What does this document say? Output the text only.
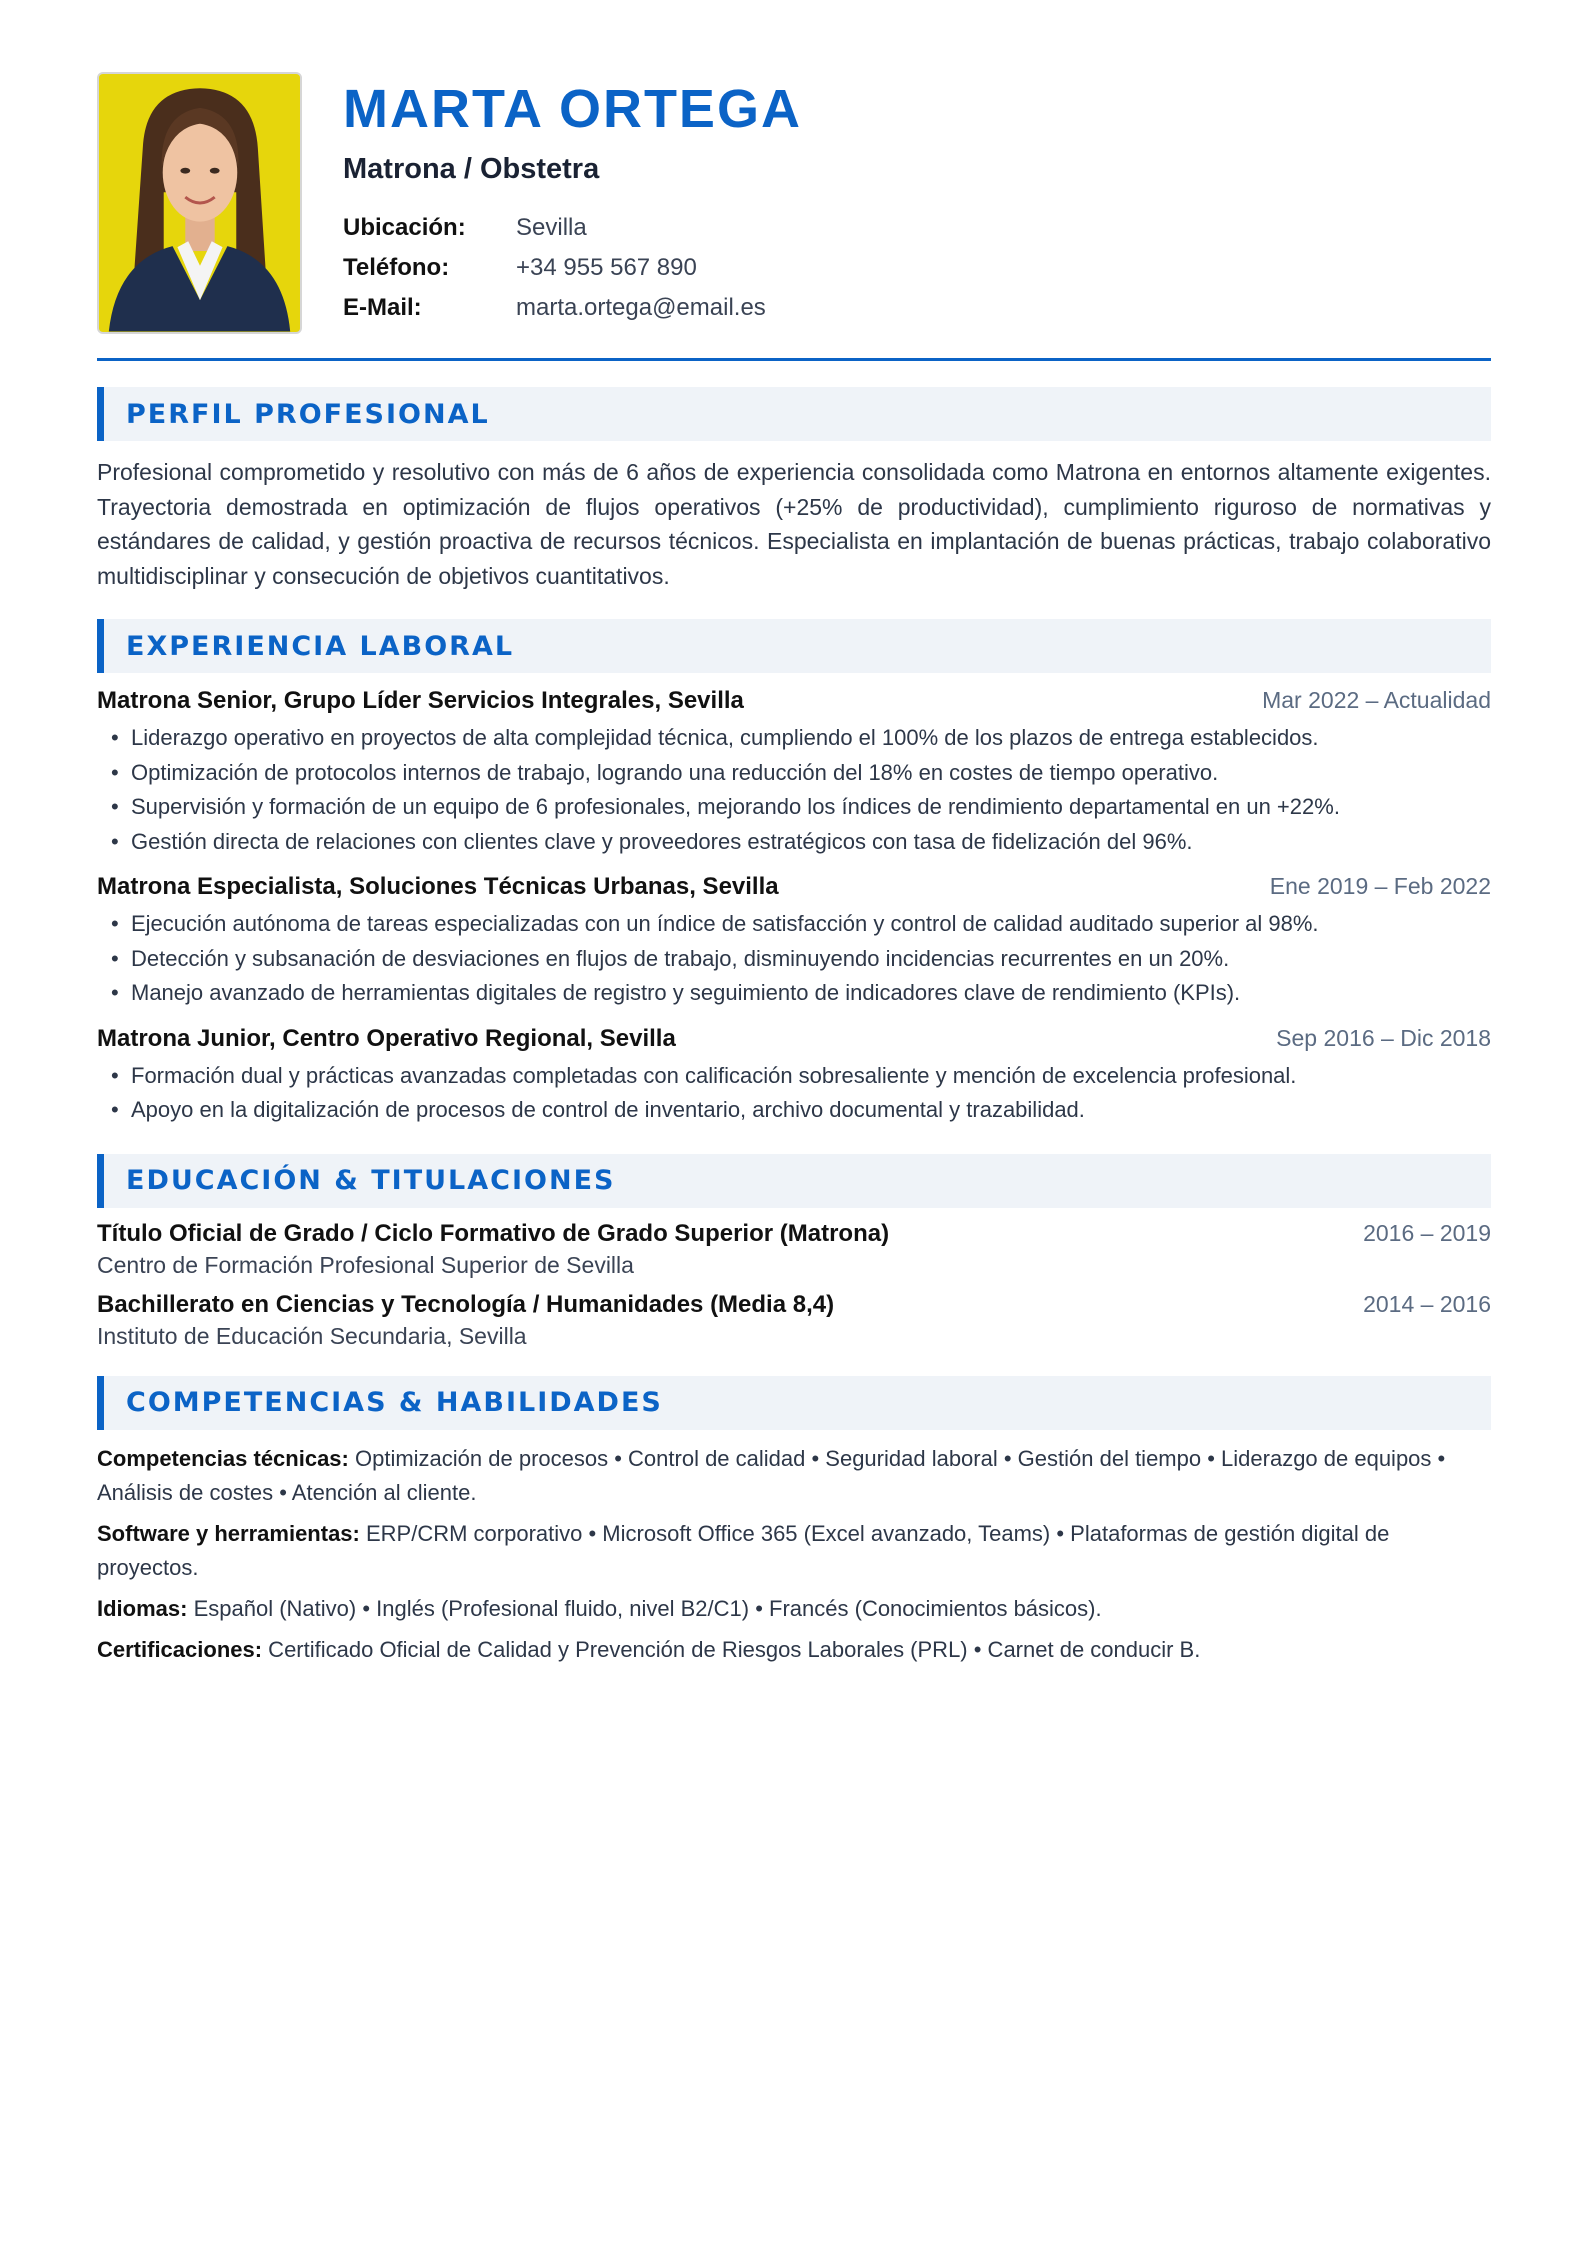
MARTA ORTEGA
Matrona / Obstetra
Ubicación:	Sevilla
Teléfono:	+34 955 567 890
E-Mail:	marta.ortega@email.es
PERFIL PROFESIONAL

Profesional comprometido y resolutivo con más de 6 años de experiencia consolidada como Matrona en entornos altamente exigentes. Trayectoria demostrada en optimización de flujos operativos (+25% de productividad), cumplimiento riguroso de normativas y estándares de calidad, y gestión proactiva de recursos técnicos. Especialista en implantación de buenas prácticas, trabajo colaborativo multidisciplinar y consecución de objetivos cuantitativos.

EXPERIENCIA LABORAL
Matrona Senior, Grupo Líder Servicios Integrales, Sevilla	Mar 2022 – Actualidad
• Liderazgo operativo en proyectos de alta complejidad técnica, cumpliendo el 100% de los plazos de entrega establecidos.
• Optimización de protocolos internos de trabajo, logrando una reducción del 18% en costes de tiempo operativo.
• Supervisión y formación de un equipo de 6 profesionales, mejorando los índices de rendimiento departamental en un +22%.
• Gestión directa de relaciones con clientes clave y proveedores estratégicos con tasa de fidelización del 96%.
Matrona Especialista, Soluciones Técnicas Urbanas, Sevilla	Ene 2019 – Feb 2022
• Ejecución autónoma de tareas especializadas con un índice de satisfacción y control de calidad auditado superior al 98%.
• Detección y subsanación de desviaciones en flujos de trabajo, disminuyendo incidencias recurrentes en un 20%.
• Manejo avanzado de herramientas digitales de registro y seguimiento de indicadores clave de rendimiento (KPIs).
Matrona Junior, Centro Operativo Regional, Sevilla	Sep 2016 – Dic 2018
• Formación dual y prácticas avanzadas completadas con calificación sobresaliente y mención de excelencia profesional.
• Apoyo en la digitalización de procesos de control de inventario, archivo documental y trazabilidad.
EDUCACIÓN & TITULACIONES
Título Oficial de Grado / Ciclo Formativo de Grado Superior (Matrona)	2016 – 2019
Centro de Formación Profesional Superior de Sevilla
Bachillerato en Ciencias y Tecnología / Humanidades (Media 8,4)	2014 – 2016
Instituto de Educación Secundaria, Sevilla
COMPETENCIAS & HABILIDADES

Competencias técnicas: Optimización de procesos • Control de calidad • Seguridad laboral • Gestión del tiempo • Liderazgo de equipos • Análisis de costes • Atención al cliente.

Software y herramientas: ERP/CRM corporativo • Microsoft Office 365 (Excel avanzado, Teams) • Plataformas de gestión digital de proyectos.

Idiomas: Español (Nativo) • Inglés (Profesional fluido, nivel B2/C1) • Francés (Conocimientos básicos).

Certificaciones: Certificado Oficial de Calidad y Prevención de Riesgos Laborales (PRL) • Carnet de conducir B.
